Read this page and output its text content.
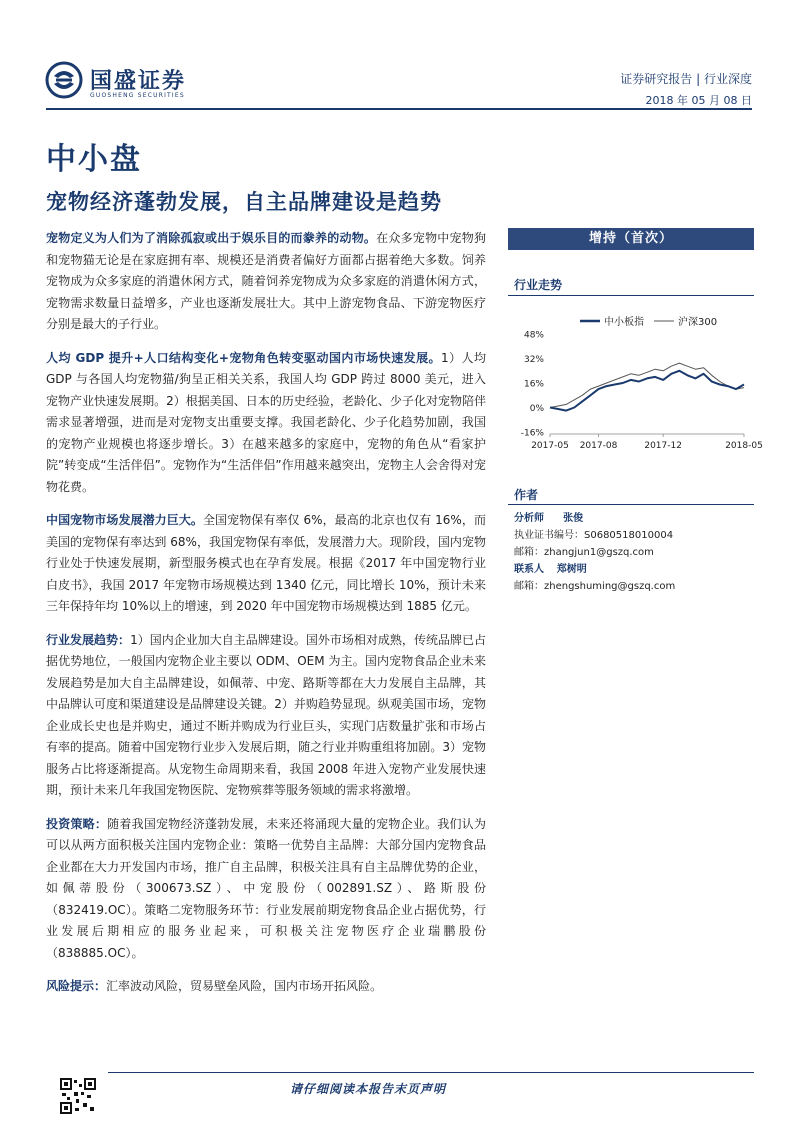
国盛证券
GUOSHENG SECURITIES
证券研究报告 | 行业深度
2018 年 05 月 08 日
中小盘
宠物经济蓬勃发展，自主品牌建设是趋势

宠物定义为人们为了消除孤寂或出于娱乐目的而豢养的动物。在众多宠物中宠物狗和宠物猫无论是在家庭拥有率、规模还是消费者偏好方面都占据着绝大多数。饲养宠物成为众多家庭的消遣休闲方式，随着饲养宠物成为众多家庭的消遣休闲方式，宠物需求数量日益增多，产业也逐渐发展壮大。其中上游宠物食品、下游宠物医疗分别是最大的子行业。

人均 GDP 提升+人口结构变化+宠物角色转变驱动国内市场快速发展。1）人均 GDP 与各国人均宠物猫/狗呈正相关关系，我国人均 GDP 跨过 8000 美元，进入宠物产业快速发展期。2）根据美国、日本的历史经验，老龄化、少子化对宠物陪伴需求显著增强，进而是对宠物支出重要支撑。我国老龄化、少子化趋势加剧，我国的宠物产业规模也将逐步增长。3）在越来越多的家庭中，宠物的角色从“看家护院”转变成“生活伴侣”。宠物作为“生活伴侣”作用越来越突出，宠物主人会舍得对宠物花费。

中国宠物市场发展潜力巨大。全国宠物保有率仅 6%，最高的北京也仅有 16%，而美国的宠物保有率达到 68%，我国宠物保有率低，发展潜力大。现阶段，国内宠物行业处于快速发展期，新型服务模式也在孕育发展。根据《2017 年中国宠物行业白皮书》，我国 2017 年宠物市场规模达到 1340 亿元，同比增长 10%，预计未来三年保持年均 10%以上的增速，到 2020 年中国宠物市场规模达到 1885 亿元。

行业发展趋势：1）国内企业加大自主品牌建设。国外市场相对成熟，传统品牌已占据优势地位，一般国内宠物企业主要以 ODM、OEM 为主。国内宠物食品企业未来发展趋势是加大自主品牌建设，如佩蒂、中宠、路斯等都在大力发展自主品牌，其中品牌认可度和渠道建设是品牌建设关键。2）并购趋势显现。纵观美国市场，宠物企业成长史也是并购史，通过不断并购成为行业巨头，实现门店数量扩张和市场占有率的提高。随着中国宠物行业步入发展后期，随之行业并购重组将加剧。3）宠物服务占比将逐渐提高。从宠物生命周期来看，我国 2008 年进入宠物产业发展快速期，预计未来几年我国宠物医院、宠物殡葬等服务领域的需求将激增。

投资策略：随着我国宠物经济蓬勃发展，未来还将涌现大量的宠物企业。我们认为可以从两方面积极关注国内宠物企业：策略一优势自主品牌：大部分国内宠物食品企业都在大力开发国内市场，推广自主品牌，积极关注具有自主品牌优势的企业，如佩蒂股份（300673.SZ）、中宠股份（002891.SZ）、路斯股份（832419.OC）。策略二宠物服务环节：行业发展前期宠物食品企业占据优势，行业发展后期相应的服务业起来，可积极关注宠物医疗企业瑞鹏股份（838885.OC）。

风险提示：汇率波动风险，贸易壁垒风险，国内市场开拓风险。

增持（首次）
行业走势
中小板指	沪深300
48%
32%
16%
0%
-16%
2017-05 2017-08	2017-12	2018-05
作者
分析师 张俊
执业证书编号：S0680518010004
邮箱：zhangjun1@gszq.com
联系人 郑树明
邮箱：zhengshuming@gszq.com
请仔细阅读本报告末页声明
